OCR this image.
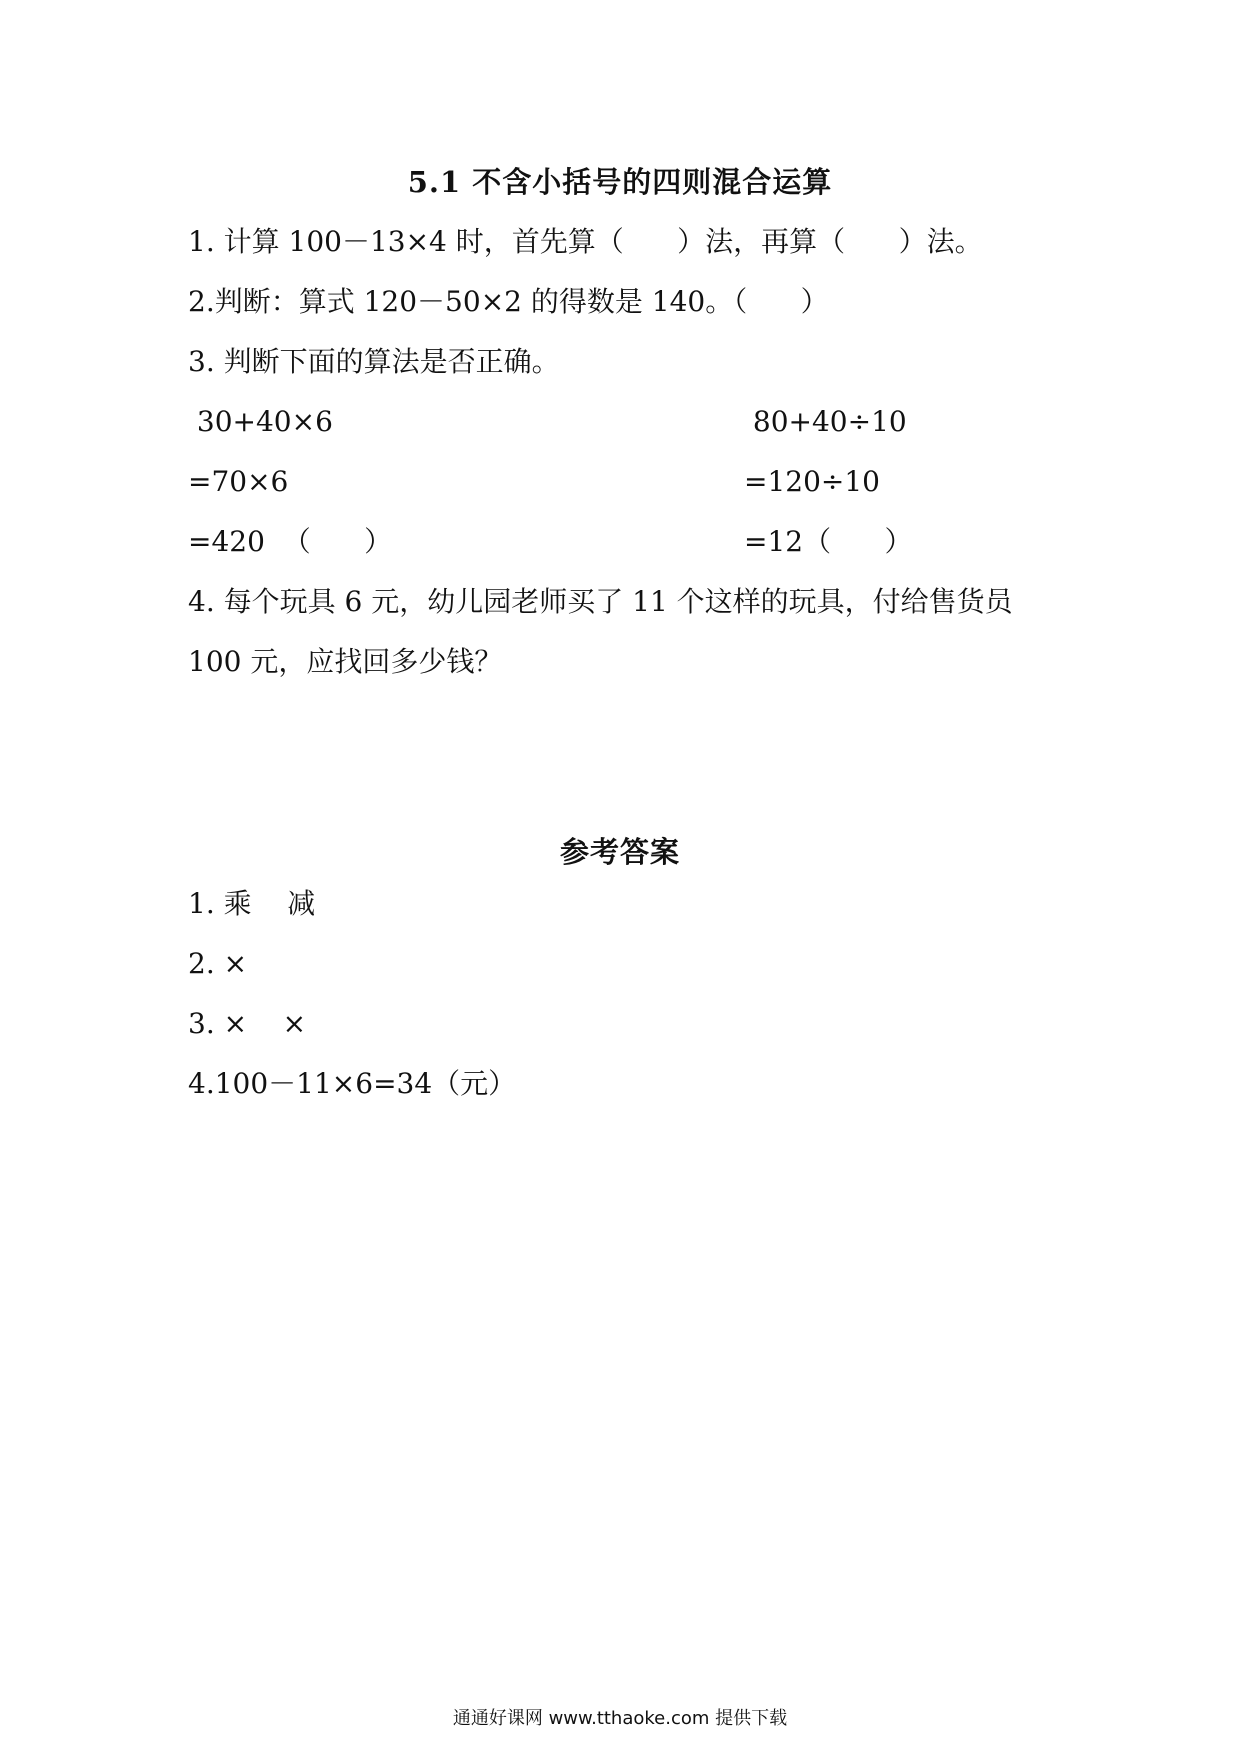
5.1 不含小括号的四则混合运算
1. 计算 100－13×4 时，首先算（      ）法，再算（      ）法。
2.判断：算式 120－50×2 的得数是 140。（      ）
3. 判断下面的算法是否正确。
30+40×6
=70×6
=420  （      ）
80+40÷10
=120÷10
=12（      ）
4. 每个玩具 6 元，幼儿园老师买了 11 个这样的玩具，付给售货员
100 元，应找回多少钱？
参考答案
1. 乘    减
2. ×
3. ×    ×
4.100－11×6=34（元）
通通好课网 www.tthaoke.com 提供下载
